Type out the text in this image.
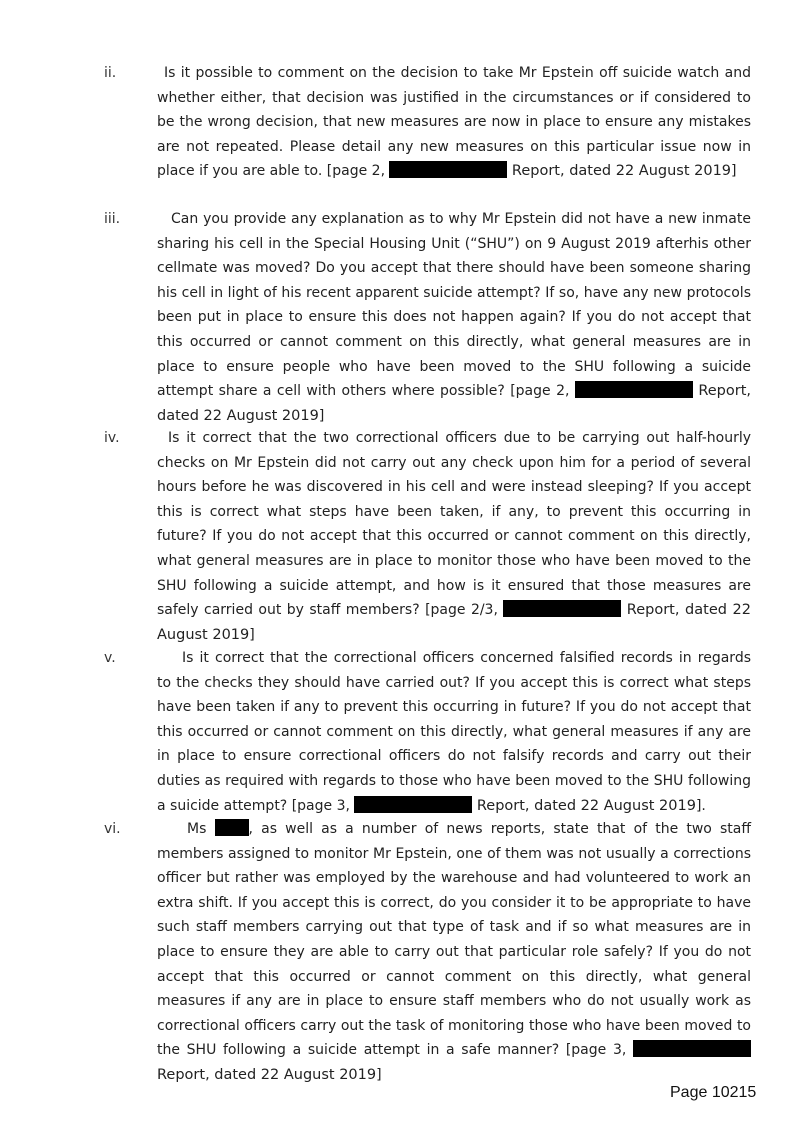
ii.	Is it possible to comment on the decision to take Mr Epstein off suicide watch and whether either, that decision was justified in the circumstances or if considered to be the wrong decision, that new measures are now in place to ensure any mistakes are not repeated. Please detail any new measures on this particular issue now in place if you are able to. [page 2,	Report, dated 22 August 2019]
iii.	Can you provide any explanation as to why Mr Epstein did not have a new inmate sharing his cell in the Special Housing Unit (“SHU”) on 9 August 2019 afterhis other cellmate was moved? Do you accept that there should have been someone sharing his cell in light of his recent apparent suicide attempt? If so, have any new protocols been put in place to ensure this does not happen again? If you do not accept that this occurred or cannot comment on this directly, what general measures are in place to ensure people who have been moved to the SHU following a suicide attempt share a cell with others where possible? [page 2,	Report, dated 22 August 2019]
iv.	Is it correct that the two correctional officers due to be carrying out half-hourly checks on Mr Epstein did not carry out any check upon him for a period of several hours before he was discovered in his cell and were instead sleeping? If you accept this is correct what steps have been taken, if any, to prevent this occurring in future? If you do not accept that this occurred or cannot comment on this directly, what general measures are in place to monitor those who have been moved to the SHU following a suicide attempt, and how is it ensured that those measures are safely carried out by staff members? [page 2/3,	Report, dated 22 August 2019]
v.	Is it correct that the correctional officers concerned falsified records in regards to the checks they should have carried out? If you accept this is correct what steps have been taken if any to prevent this occurring in future? If you do not accept that this occurred or cannot comment on this directly, what general measures if any are in place to ensure correctional officers do not falsify records and carry out their duties as required with regards to those who have been moved to the SHU following a suicide attempt? [page 3,	Report, dated 22 August 2019].
vi.	Ms	, as well as a number of news reports, state that of the two staff members assigned to monitor Mr Epstein, one of them was not usually a corrections officer but rather was employed by the warehouse and had volunteered to work an extra shift. If you accept this is correct, do you consider it to be appropriate to have such staff members carrying out that type of task and if so what measures are in place to ensure they are able to carry out that particular role safely? If you do not accept that this occurred or cannot comment on this directly, what general measures if any are in place to ensure staff members who do not usually work as correctional officers carry out the task of monitoring those who have been moved to the SHU following a suicide attempt in a safe manner? [page 3,  Report, dated 22 August 2019]
Page 10215
